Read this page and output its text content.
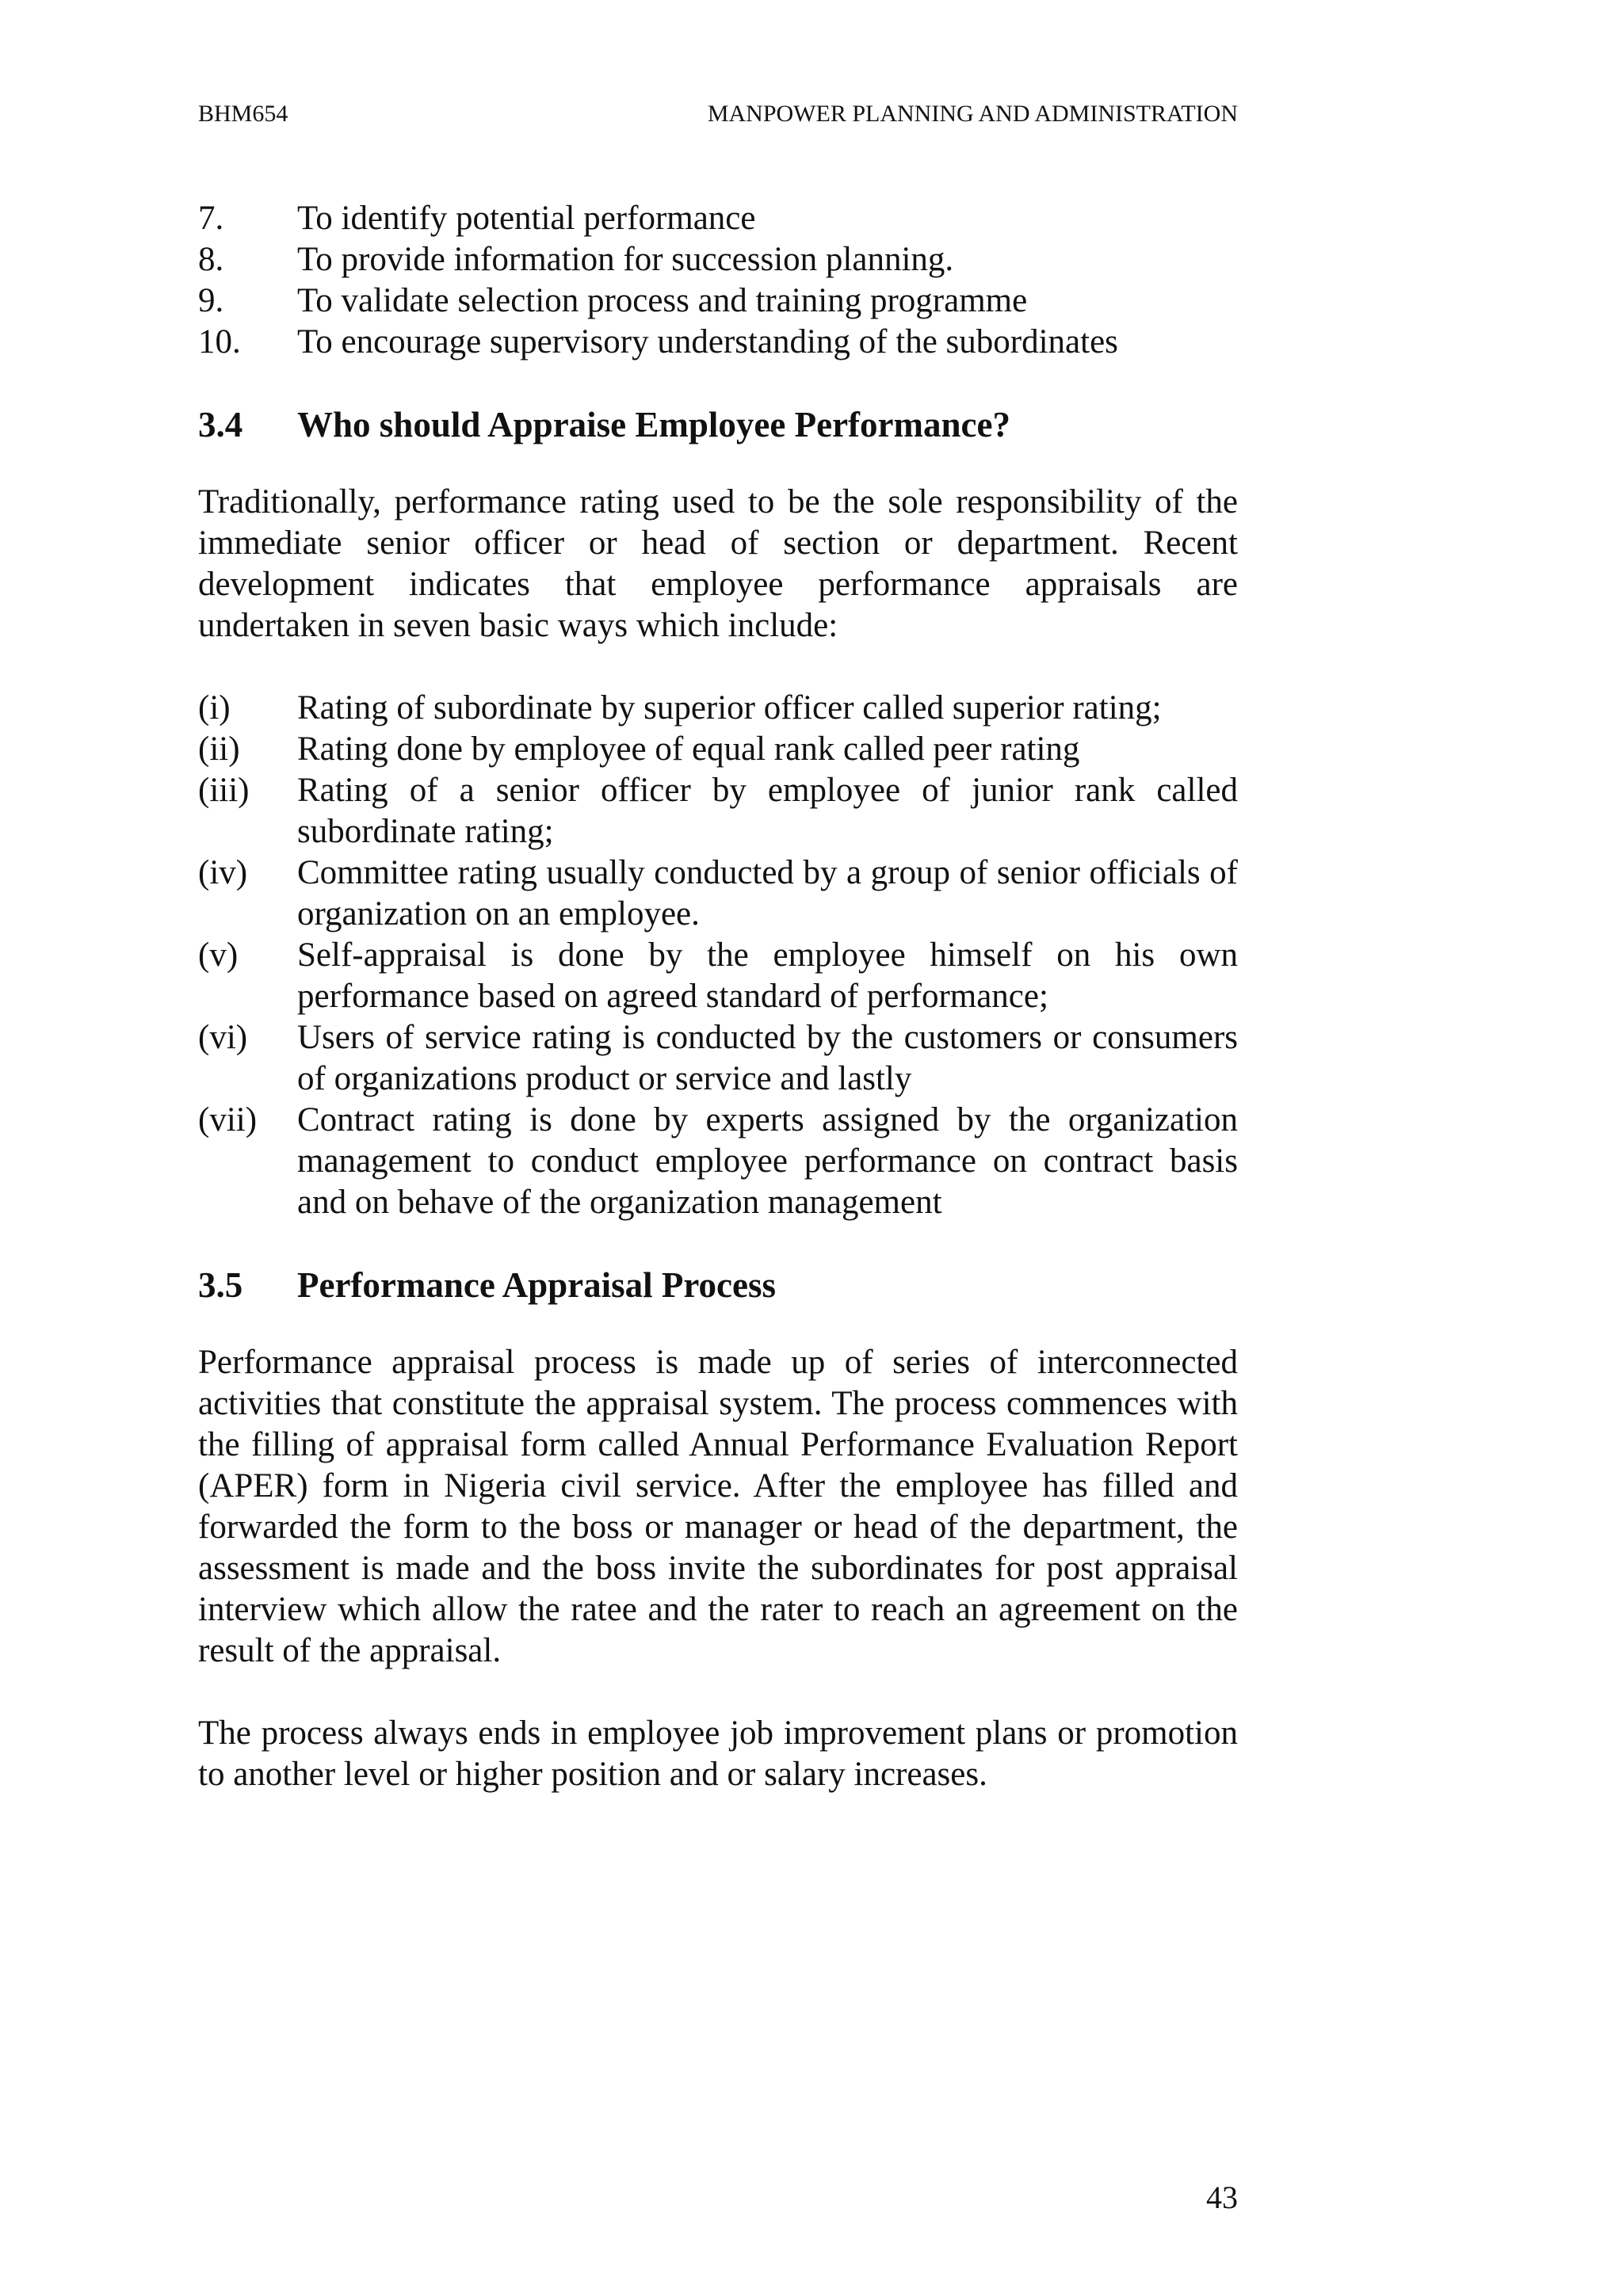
BHM654	MANPOWER PLANNING AND ADMINISTRATION
7. To identify potential performance
8. To provide information for succession planning.
9. To validate selection process and training programme
10. To encourage supervisory understanding of the subordinates
3.4 Who should Appraise Employee Performance?

Traditionally, performance rating used to be the sole responsibility of the immediate senior officer or head of section or department. Recent development indicates that employee performance appraisals are undertaken in seven basic ways which include:

(i) Rating of subordinate by superior officer called superior rating;
(ii) Rating done by employee of equal rank called peer rating
(iii) Rating of a senior officer by employee of junior rank called subordinate rating;
(iv) Committee rating usually conducted by a group of senior officials of organization on an employee.
(v) Self-appraisal is done by the employee himself on his own performance based on agreed standard of performance;
(vi) Users of service rating is conducted by the customers or consumers of organizations product or service and lastly
(vii) Contract rating is done by experts assigned by the organization management to conduct employee performance on contract basis and on behave of the organization management
3.5 Performance Appraisal Process

Performance appraisal process is made up of series of interconnected activities that constitute the appraisal system. The process commences with the filling of appraisal form called Annual Performance Evaluation Report (APER) form in Nigeria civil service. After the employee has filled and forwarded the form to the boss or manager or head of the department, the assessment is made and the boss invite the subordinates for post appraisal interview which allow the ratee and the rater to reach an agreement on the result of the appraisal.

The process always ends in employee job improvement plans or promotion to another level or higher position and or salary increases.

43
